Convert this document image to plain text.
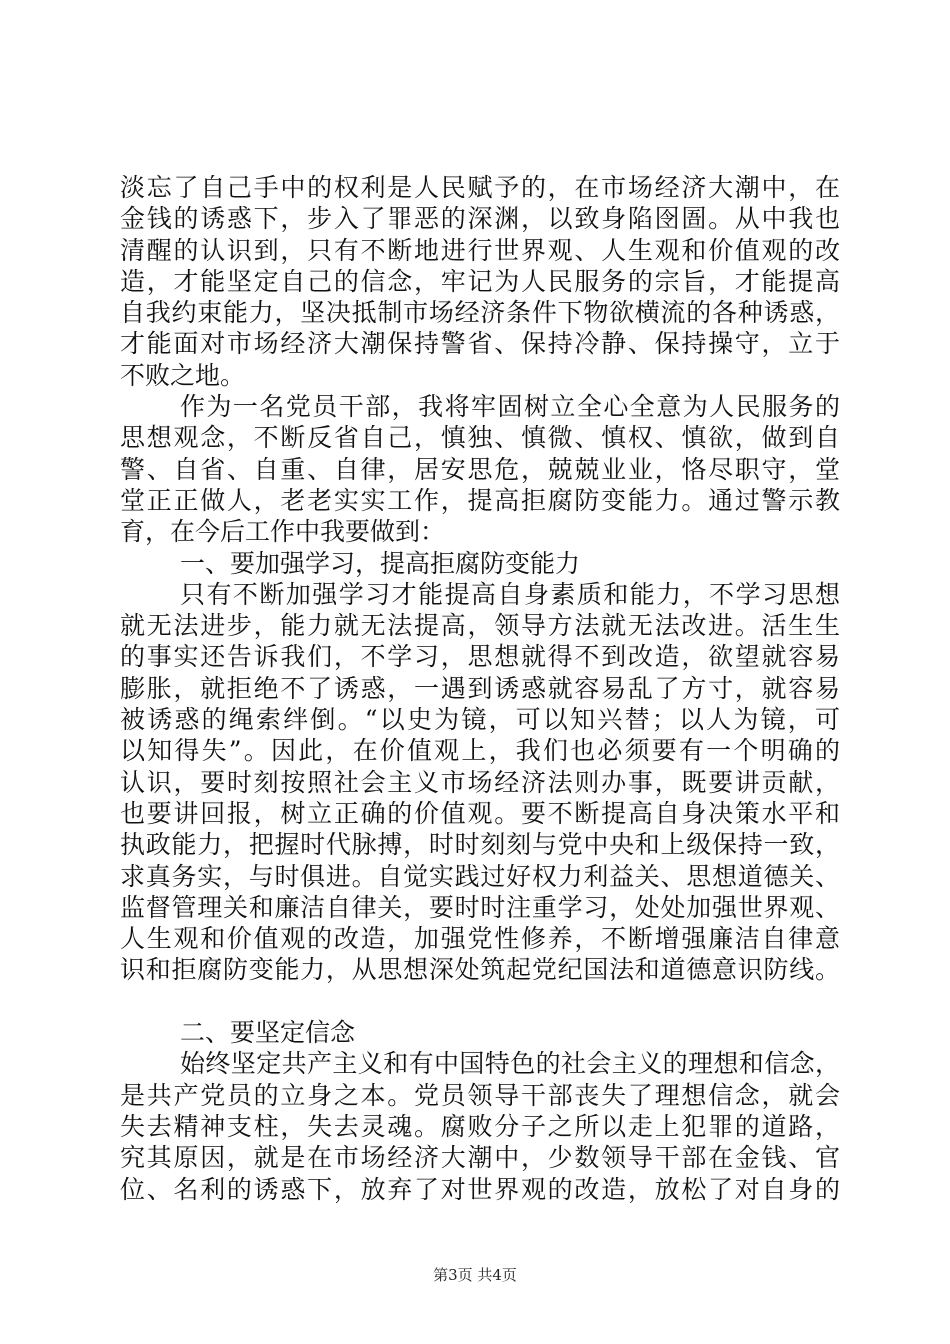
淡忘了自己手中的权利是人民赋予的，在市场经济大潮中，在
金钱的诱惑下，步入了罪恶的深渊，以致身陷囹圄。从中我也
清醒的认识到，只有不断地进行世界观、人生观和价值观的改
造，才能坚定自己的信念，牢记为人民服务的宗旨，才能提高
自我约束能力，坚决抵制市场经济条件下物欲横流的各种诱惑，
才能面对市场经济大潮保持警省、保持冷静、保持操守，立于
不败之地。
作为一名党员干部，我将牢固树立全心全意为人民服务的
思想观念，不断反省自己，慎独、慎微、慎权、慎欲，做到自
警、自省、自重、自律，居安思危，兢兢业业，恪尽职守，堂
堂正正做人，老老实实工作，提高拒腐防变能力。通过警示教
育，在今后工作中我要做到：
一、要加强学习，提高拒腐防变能力
只有不断加强学习才能提高自身素质和能力，不学习思想
就无法进步，能力就无法提高，领导方法就无法改进。活生生
的事实还告诉我们，不学习，思想就得不到改造，欲望就容易
膨胀，就拒绝不了诱惑，一遇到诱惑就容易乱了方寸，就容易
被诱惑的绳索绊倒。“以史为镜，可以知兴替；以人为镜，可
以知得失”。因此，在价值观上，我们也必须要有一个明确的
认识，要时刻按照社会主义市场经济法则办事，既要讲贡献，
也要讲回报，树立正确的价值观。要不断提高自身决策水平和
执政能力，把握时代脉搏，时时刻刻与党中央和上级保持一致，
求真务实，与时俱进。自觉实践过好权力利益关、思想道德关、
监督管理关和廉洁自律关，要时时注重学习，处处加强世界观、
人生观和价值观的改造，加强党性修养，不断增强廉洁自律意
识和拒腐防变能力，从思想深处筑起党纪国法和道德意识防线。
二、要坚定信念
始终坚定共产主义和有中国特色的社会主义的理想和信念，
是共产党员的立身之本。党员领导干部丧失了理想信念，就会
失去精神支柱，失去灵魂。腐败分子之所以走上犯罪的道路，
究其原因，就是在市场经济大潮中，少数领导干部在金钱、官
位、名利的诱惑下，放弃了对世界观的改造，放松了对自身的
第3页 共4页
